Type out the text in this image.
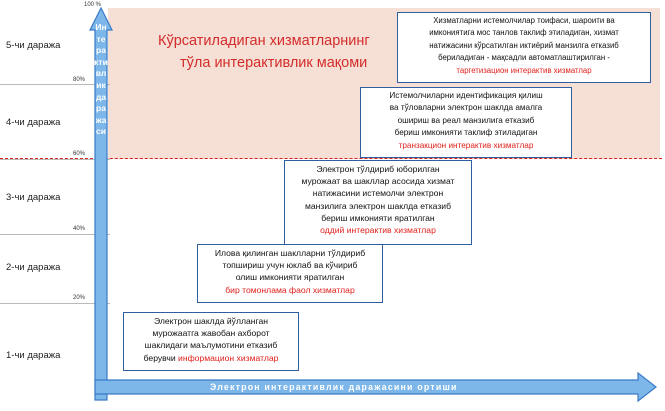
5-чи даража
4-чи даража
3-чи даража
2-чи даража
1-чи даража
100 %
80%
60%
40%
20%
Кўрсатиладиган хизматларнинг
тўла интерактивлик мақоми
Интерактивлик даражаси
Электрон интерактивлик даражасини ортиши
Электрон шаклда йўлланган
мурожаатга жавобан ахборот
шаклидаги маълумотини етказиб
берувчи информацион хизматлар
Илова қилинган шаклларни тўлдириб
топшириш учун юклаб ва кўчириб
олиш имконияти яратилган
бир томонлама фаол хизматлар
Электрон тўлдириб юборилган
мурожаат ва шакллар асосида хизмат
натижасини истемолчи электрон
манзилига электрон шаклда етказиб
бериш имконияти яратилган
оддий интерактив хизматлар
Истемолчиларни идентификация қилиш
ва тўловларни электрон шаклда амалга
ошириш ва реал манзилига етказиб
бериш имконияти таклиф этиладиган
транзакцион интерактив хизматлар
Хизматларни истемолчилар тоифаси, шароити ва
имкониятига мос танлов таклиф этиладиган, хизмат
натижасини кўрсатилган иктиёрий манзилга етказиб
бериладиган - мақсадли автоматлаштирилган -
таргетизацион интерактив хизматлар
